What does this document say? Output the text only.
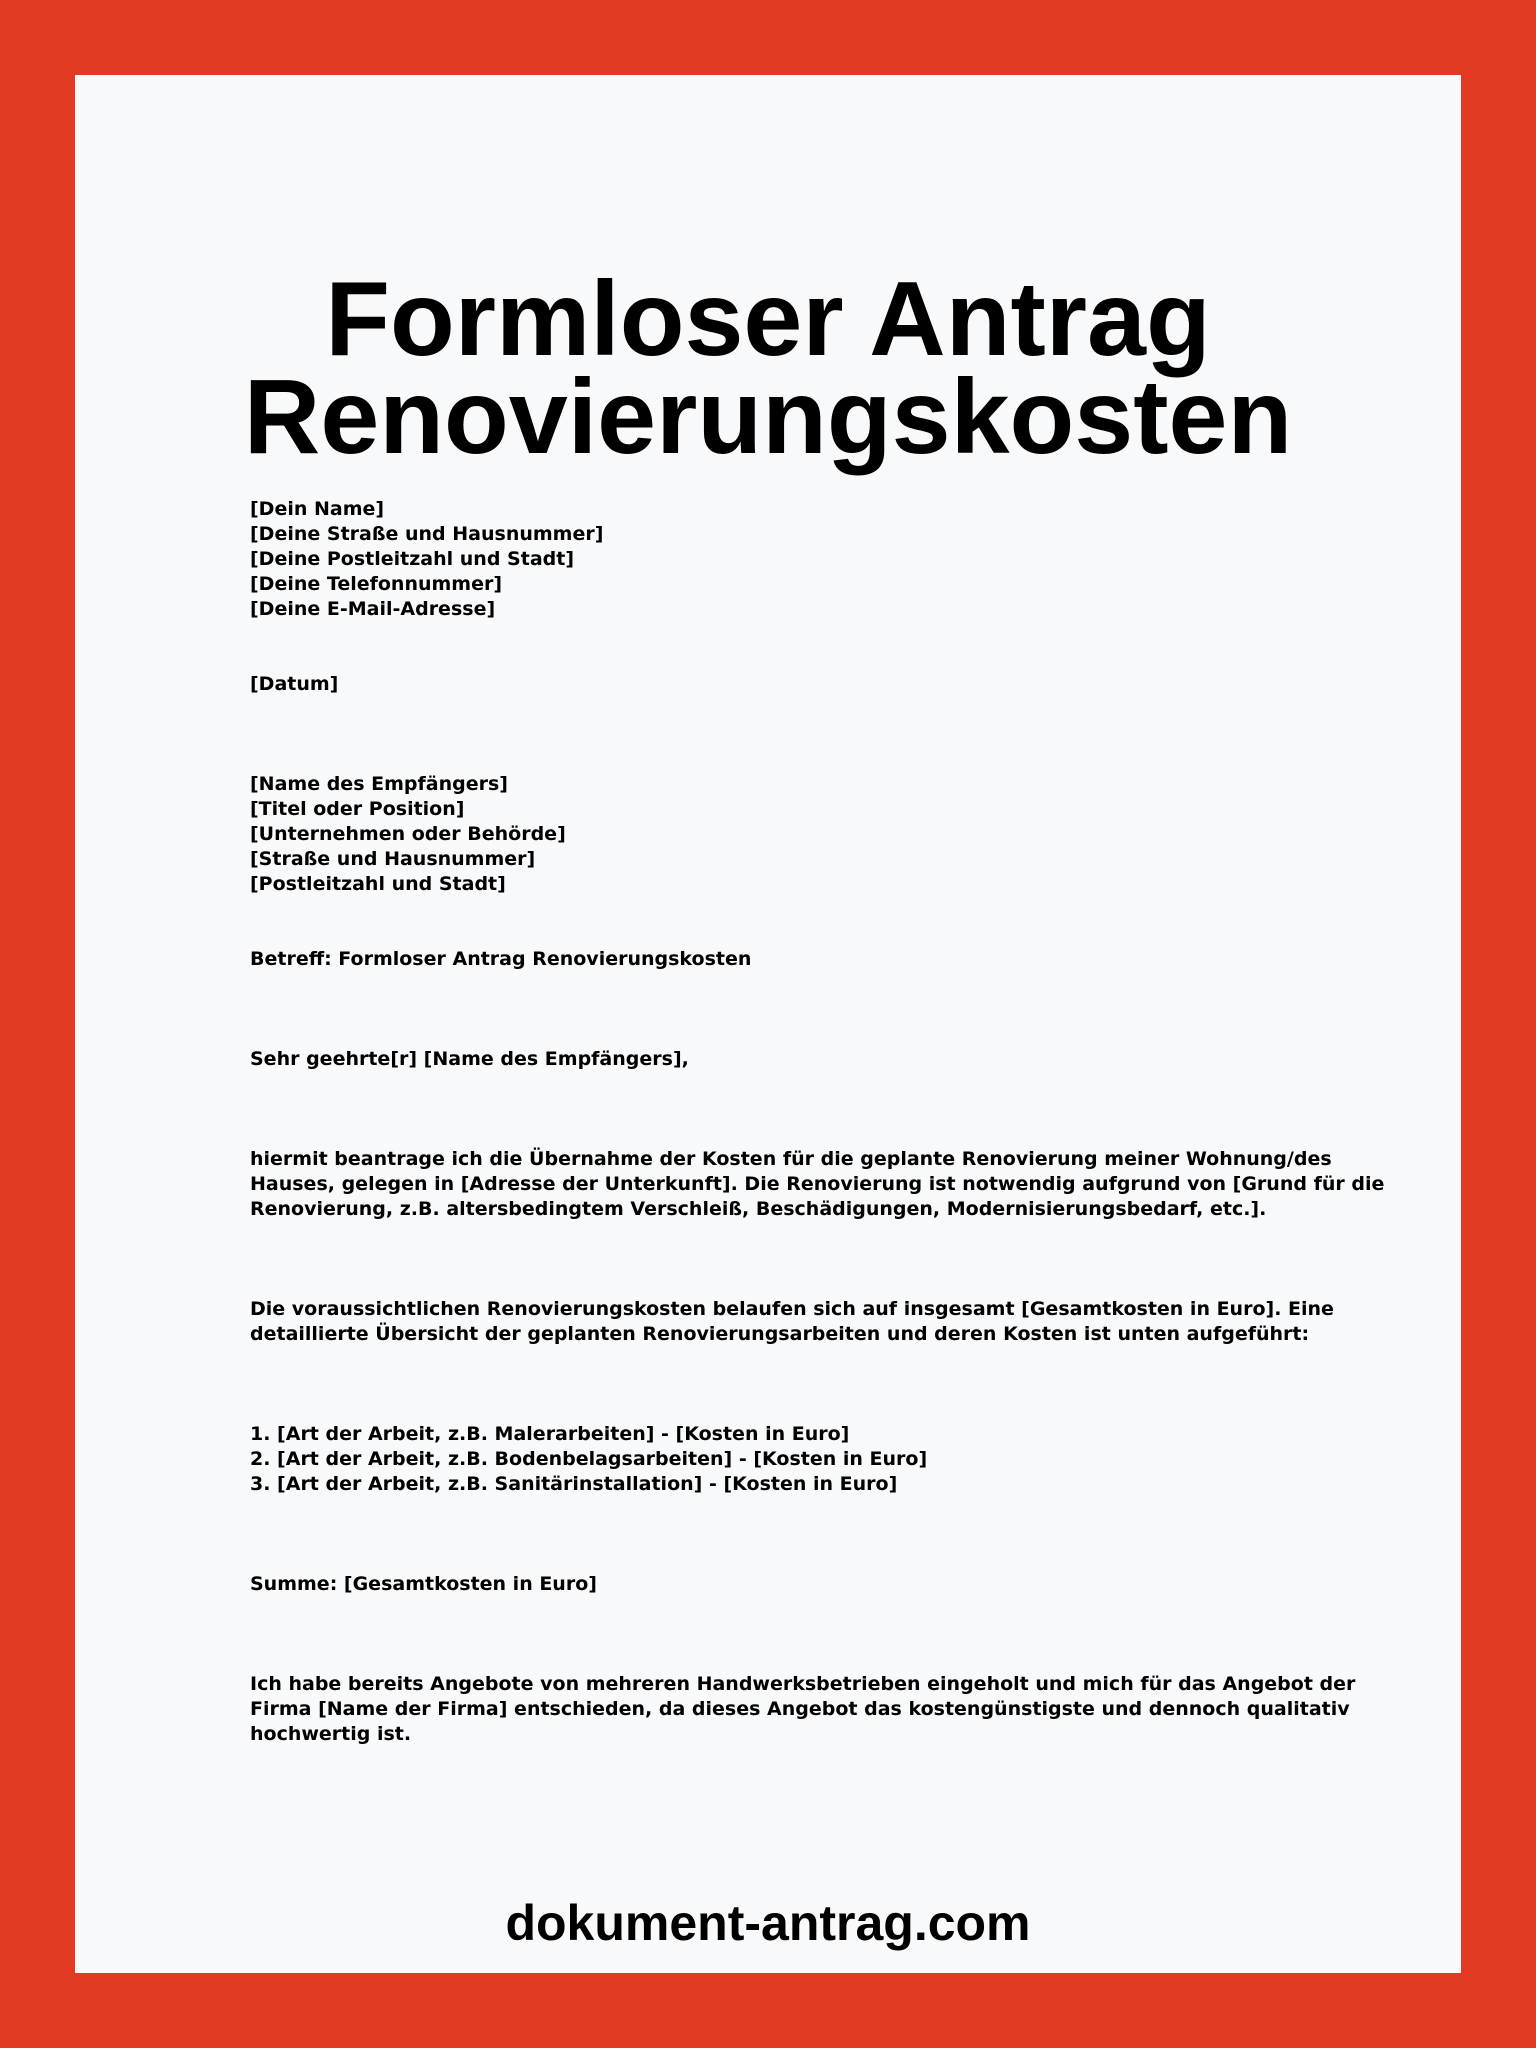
Formloser Antrag
Renovierungskosten
[Dein Name]
[Deine Straße und Hausnummer]
[Deine Postleitzahl und Stadt]
[Deine Telefonnummer]
[Deine E-Mail-Adresse]
[Datum]
[Name des Empfängers]
[Titel oder Position]
[Unternehmen oder Behörde]
[Straße und Hausnummer]
[Postleitzahl und Stadt]
Betreff: Formloser Antrag Renovierungskosten
Sehr geehrte[r] [Name des Empfängers],
hiermit beantrage ich die Übernahme der Kosten für die geplante Renovierung meiner Wohnung/des
Hauses, gelegen in [Adresse der Unterkunft]. Die Renovierung ist notwendig aufgrund von [Grund für die
Renovierung, z.B. altersbedingtem Verschleiß, Beschädigungen, Modernisierungsbedarf, etc.].
Die voraussichtlichen Renovierungskosten belaufen sich auf insgesamt [Gesamtkosten in Euro]. Eine
detaillierte Übersicht der geplanten Renovierungsarbeiten und deren Kosten ist unten aufgeführt:
1. [Art der Arbeit, z.B. Malerarbeiten] - [Kosten in Euro]
2. [Art der Arbeit, z.B. Bodenbelagsarbeiten] - [Kosten in Euro]
3. [Art der Arbeit, z.B. Sanitärinstallation] - [Kosten in Euro]
Summe: [Gesamtkosten in Euro]
Ich habe bereits Angebote von mehreren Handwerksbetrieben eingeholt und mich für das Angebot der
Firma [Name der Firma] entschieden, da dieses Angebot das kostengünstigste und dennoch qualitativ
hochwertig ist.
dokument-antrag.com
